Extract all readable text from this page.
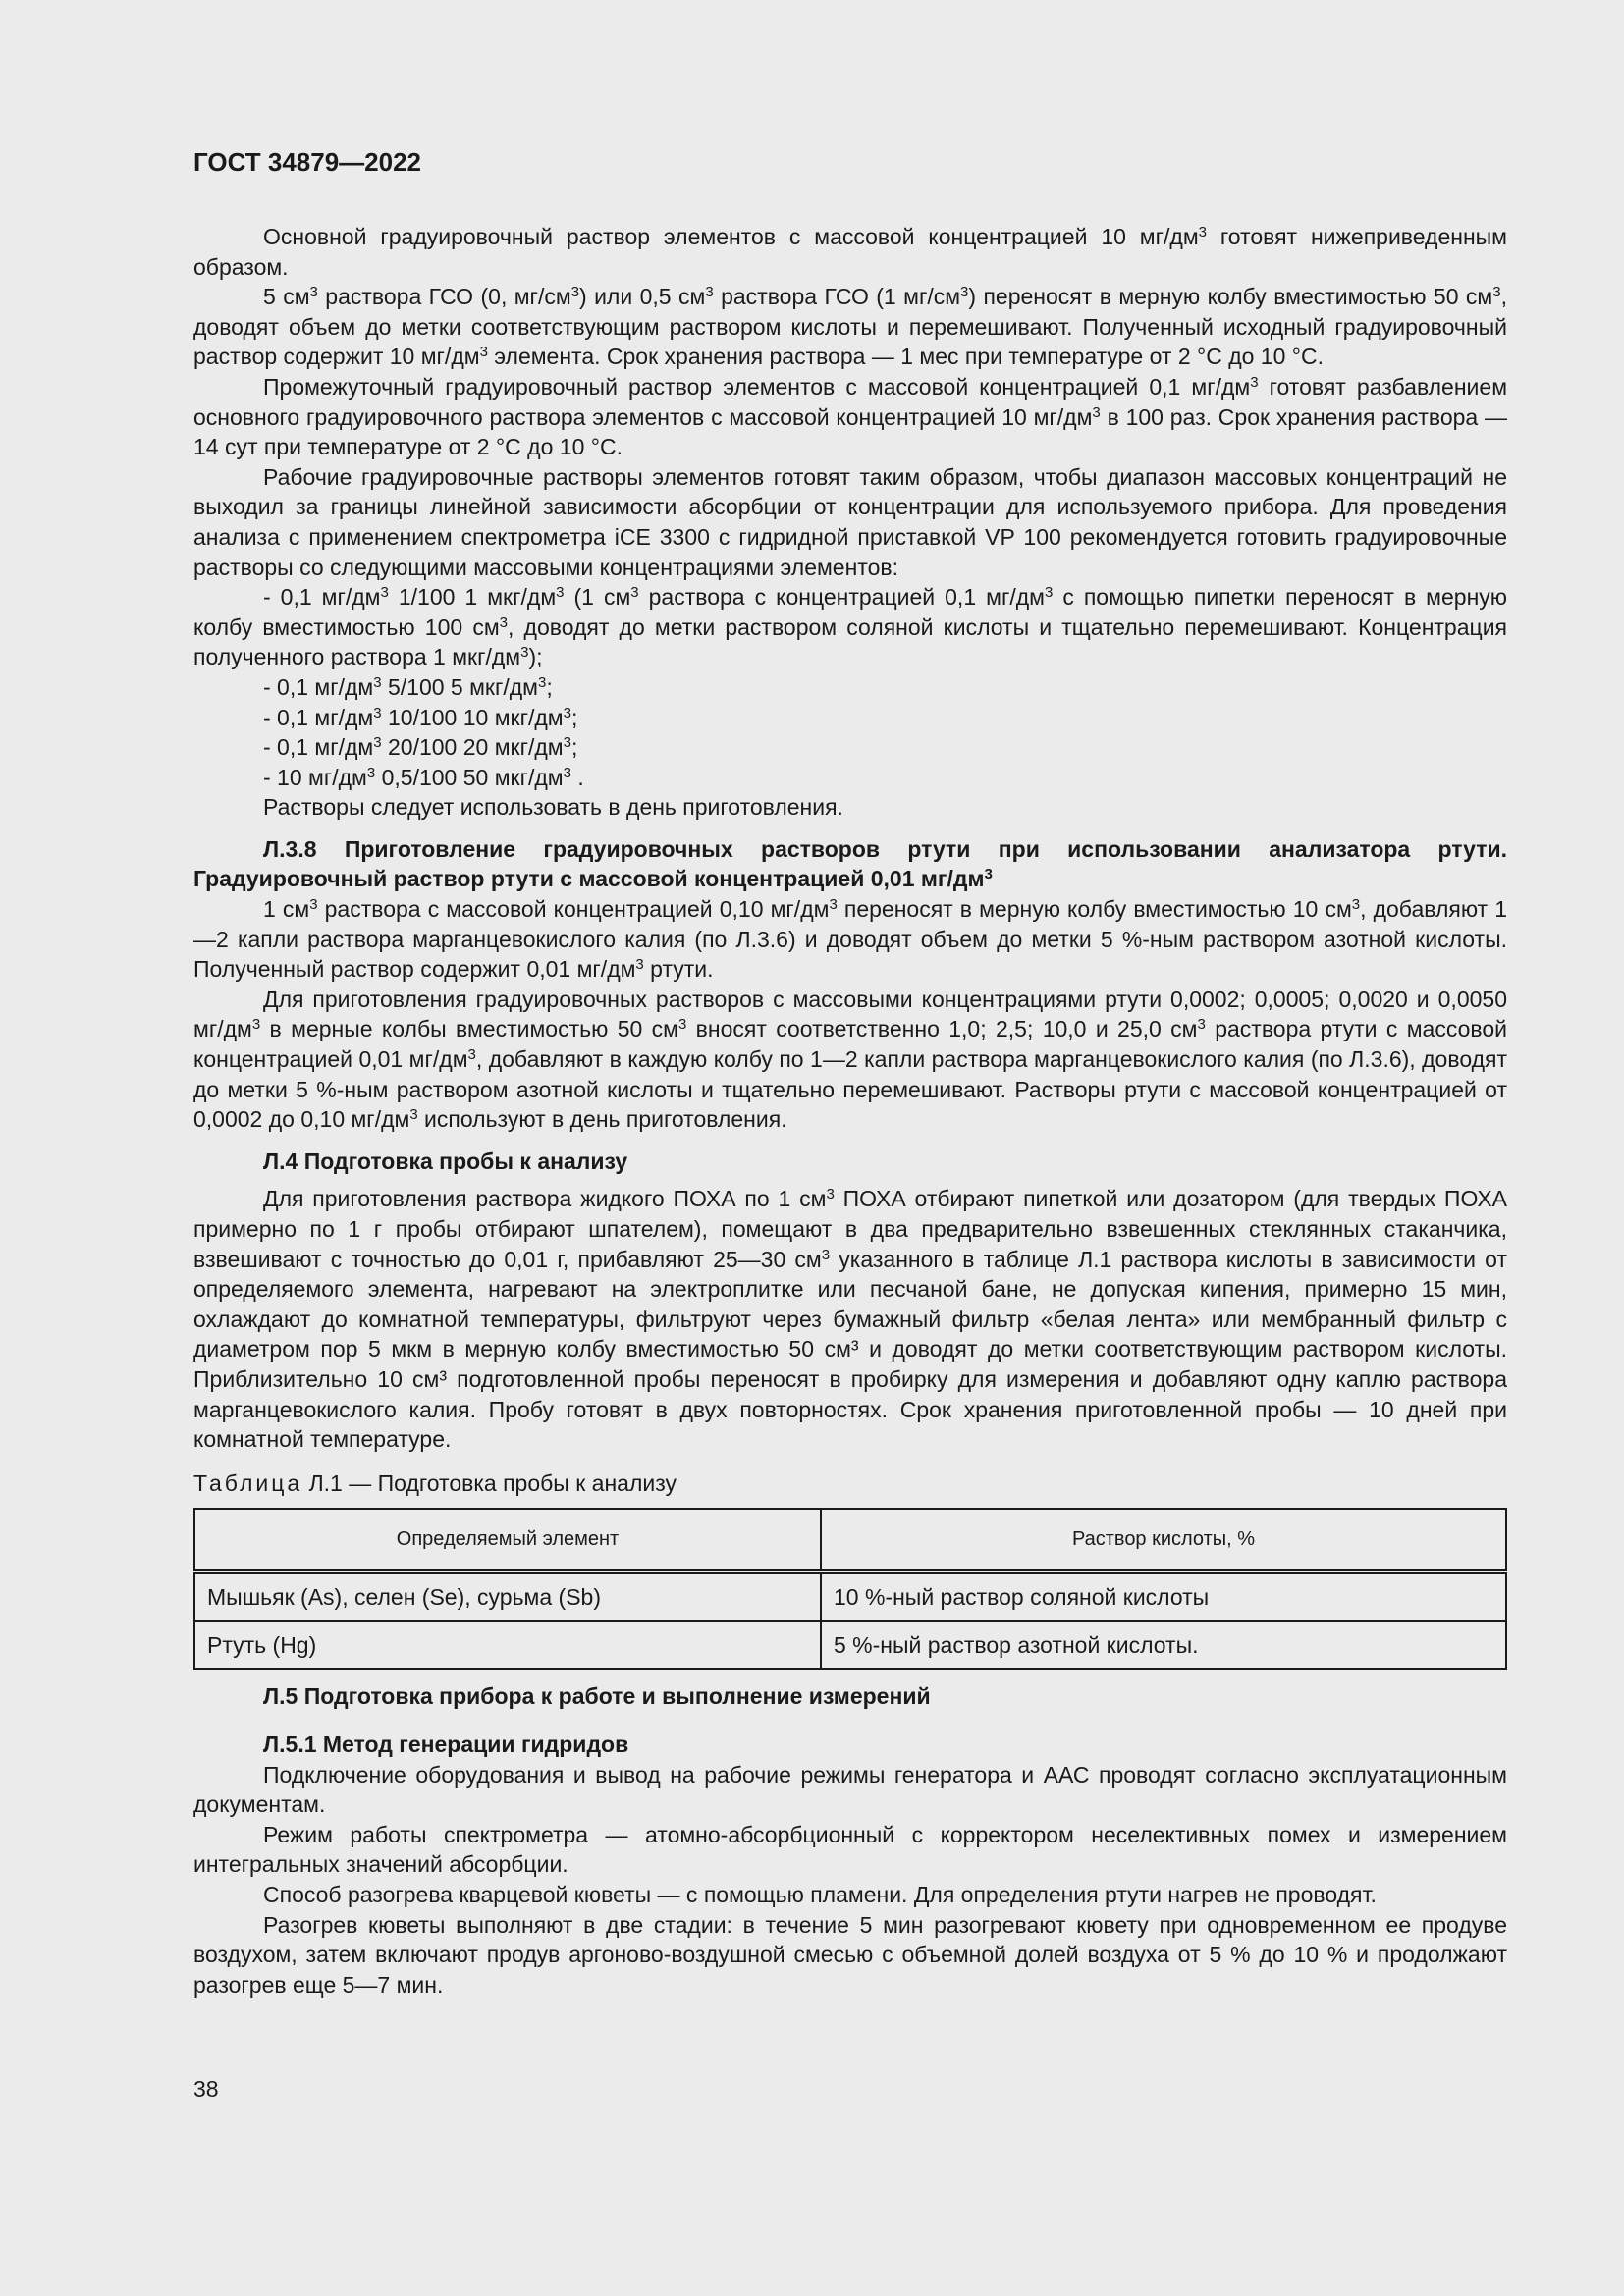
ГОСТ 34879—2022

Основной градуировочный раствор элементов с массовой концентрацией 10 $мг/дм^3$ готовят нижеприведенным образом.

5 $см^3$ раствора ГСО (0, $мг/см^3$) или 0,5 $см^3$ раствора ГСО (1 $мг/см^3$) переносят в мерную колбу вместимостью 50 $см^3$, доводят объем до метки соответствующим раствором кислоты и перемешивают. Полученный исходный градуировочный раствор содержит 10 $мг/дм^3$ элемента. Срок хранения раствора — 1 мес при температуре от 2 °С до 10 °С.

Промежуточный градуировочный раствор элементов с массовой концентрацией 0,1 $мг/дм^3$ готовят разбавлением основного градуировочного раствора элементов с массовой концентрацией 10 $мг/дм^3$ в 100 раз. Срок хранения раствора — 14 сут при температуре от 2 °С до 10 °С.

Рабочие градуировочные растворы элементов готовят таким образом, чтобы диапазон массовых концентраций не выходил за границы линейной зависимости абсорбции от концентрации для используемого прибора. Для проведения анализа с применением спектрометра iCE 3300 с гидридной приставкой VP 100 рекомендуется готовить градуировочные растворы со следующими массовыми концентрациями элементов:

- 0,1 $мг/дм^3$ 1/100 1 мкг/$дм^3$ (1 $см^3$ раствора с концентрацией 0,1 $мг/дм^3$ с помощью пипетки переносят в мерную колбу вместимостью 100 $см^3$, доводят до метки раствором соляной кислоты и тщательно перемешивают. Концентрация полученного раствора 1 мкг/$дм^3$);

- 0,1 $мг/дм^3$ 5/100 5 мкг/$дм^3$;

- 0,1 $мг/дм^3$ 10/100 10 мкг/$дм^3$;

- 0,1 $мг/дм^3$ 20/100 20 мкг/$дм^3$;

- 10 $мг/дм^3$ 0,5/100 50 мкг/$дм^3$ .

Растворы следует использовать в день приготовления.

Л.3.8 Приготовление градуировочных растворов ртути при использовании анализатора ртути. Градуировочный раствор ртути с массовой концентрацией 0,01 $мг/дм^3$

1 $см^3$ раствора с массовой концентрацией 0,10 $мг/дм^3$ переносят в мерную колбу вместимостью 10 $см^3$, добавляют 1—2 капли раствора марганцевокислого калия (по Л.3.6) и доводят объем до метки 5 %-ным раствором азотной кислоты. Полученный раствор содержит 0,01 $мг/дм^3$ ртути.

Для приготовления градуировочных растворов с массовыми концентрациями ртути 0,0002; 0,0005; 0,0020 и 0,0050 $мг/дм^3$ в мерные колбы вместимостью 50 $см^3$ вносят соответственно 1,0; 2,5; 10,0 и 25,0 $см^3$ раствора ртути с массовой концентрацией 0,01 $мг/дм^3$, добавляют в каждую колбу по 1—2 капли раствора марганцевокислого калия (по Л.3.6), доводят до метки 5 %-ным раствором азотной кислоты и тщательно перемешивают. Растворы ртути с массовой концентрацией от 0,0002 до 0,10 $мг/дм^3$ используют в день приготовления.

Л.4 Подготовка пробы к анализу

Для приготовления раствора жидкого ПОХА по 1 $см^3$ ПОХА отбирают пипеткой или дозатором (для твердых ПОХА примерно по 1 г пробы отбирают шпателем), помещают в два предварительно взвешенных стеклянных стаканчика, взвешивают с точностью до 0,01 г, прибавляют 25—30 $см^3$ указанного в таблице Л.1 раствора кислоты в зависимости от определяемого элемента, нагревают на электроплитке или песчаной бане, не допуская кипения, примерно 15 мин, охлаждают до комнатной температуры, фильтруют через бумажный фильтр «белая лента» или мембранный фильтр с диаметром пор 5 мкм в мерную колбу вместимостью 50 см³ и доводят до метки соответствующим раствором кислоты. Приблизительно 10 см³ подготовленной пробы переносят в пробирку для измерения и добавляют одну каплю раствора марганцевокислого калия. Пробу готовят в двух повторностях. Срок хранения приготовленной пробы — 10 дней при комнатной температуре.

Таблица Л.1 — Подготовка пробы к анализу

Определяемый элемент	Раствор кислоты, %
Мышьяк (As), селен (Se), сурьма (Sb)	10 %-ный раствор соляной кислоты
Ртуть (Hg)	5 %-ный раствор азотной кислоты.

Л.5 Подготовка прибора к работе и выполнение измерений

Л.5.1 Метод генерации гидридов

Подключение оборудования и вывод на рабочие режимы генератора и ААС проводят согласно эксплуатационным документам.

Режим работы спектрометра — атомно-абсорбционный с корректором неселективных помех и измерением интегральных значений абсорбции.

Способ разогрева кварцевой кюветы — с помощью пламени. Для определения ртути нагрев не проводят.

Разогрев кюветы выполняют в две стадии: в течение 5 мин разогревают кювету при одновременном ее продуве воздухом, затем включают продув аргоново-воздушной смесью с объемной долей воздуха от 5 % до 10 % и продолжают разогрев еще 5—7 мин.

38
